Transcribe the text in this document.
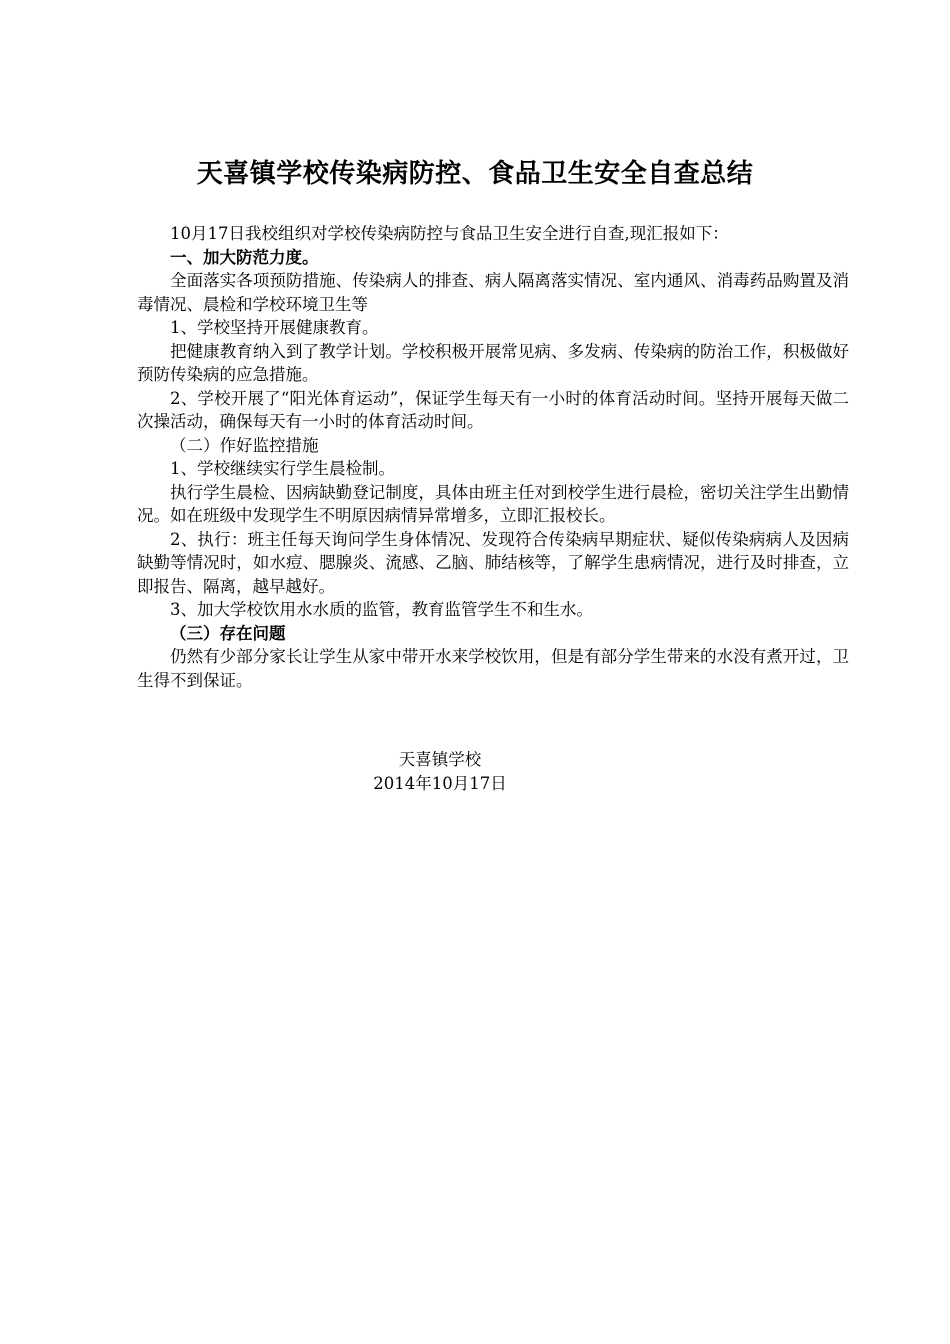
天喜镇学校传染病防控、食品卫生安全自查总结

10月17日我校组织对学校传染病防控与食品卫生安全进行自查,现汇报如下：

一、加大防范力度。

全面落实各项预防措施、传染病人的排查、病人隔离落实情况、室内通风、消毒药品购置及消毒情况、晨检和学校环境卫生等

1、学校坚持开展健康教育。

把健康教育纳入到了教学计划。学校积极开展常见病、多发病、传染病的防治工作，积极做好预防传染病的应急措施。

2、学校开展了“阳光体育运动”，保证学生每天有一小时的体育活动时间。坚持开展每天做二次操活动，确保每天有一小时的体育活动时间。

（二）作好监控措施

1、学校继续实行学生晨检制。

执行学生晨检、因病缺勤登记制度，具体由班主任对到校学生进行晨检，密切关注学生出勤情况。如在班级中发现学生不明原因病情异常增多，立即汇报校长。

2、执行：班主任每天询问学生身体情况、发现符合传染病早期症状、疑似传染病病人及因病缺勤等情况时，如水痘、腮腺炎、流感、乙脑、肺结核等，了解学生患病情况，进行及时排查，立即报告、隔离，越早越好。

3、加大学校饮用水水质的监管，教育监管学生不和生水。

（三）存在问题

仍然有少部分家长让学生从家中带开水来学校饮用，但是有部分学生带来的水没有煮开过，卫生得不到保证。

天喜镇学校
2014年10月17日
